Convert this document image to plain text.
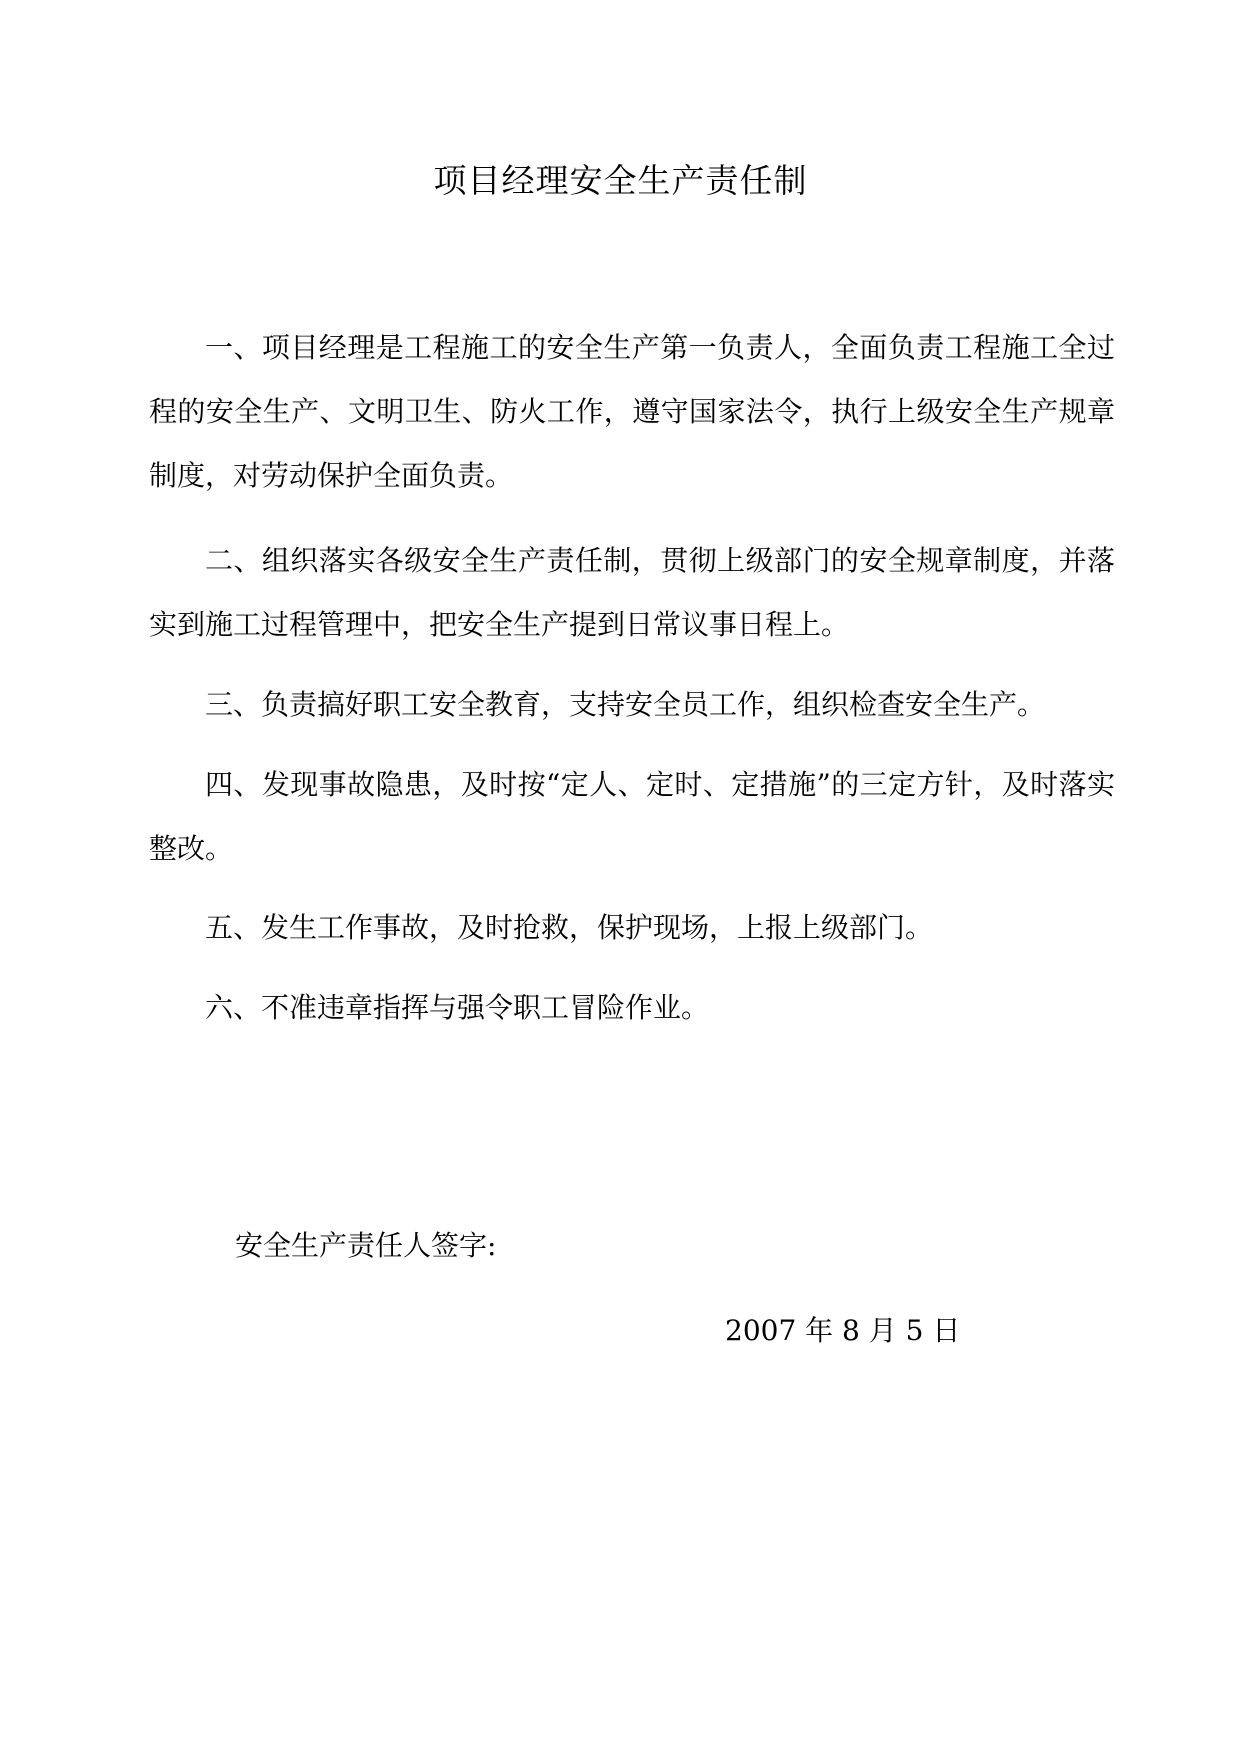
项目经理安全生产责任制

一、项目经理是工程施工的安全生产第一负责人，全面负责工程施工全过程的安全生产、文明卫生、防火工作，遵守国家法令，执行上级安全生产规章制度，对劳动保护全面负责。

二、组织落实各级安全生产责任制，贯彻上级部门的安全规章制度，并落实到施工过程管理中，把安全生产提到日常议事日程上。

三、负责搞好职工安全教育，支持安全员工作，组织检查安全生产。

四、发现事故隐患，及时按“定人、定时、定措施”的三定方针，及时落实整改。

五、发生工作事故，及时抢救，保护现场，上报上级部门。

六、不准违章指挥与强令职工冒险作业。

安全生产责任人签字:
2007 年 8 月 5 日
